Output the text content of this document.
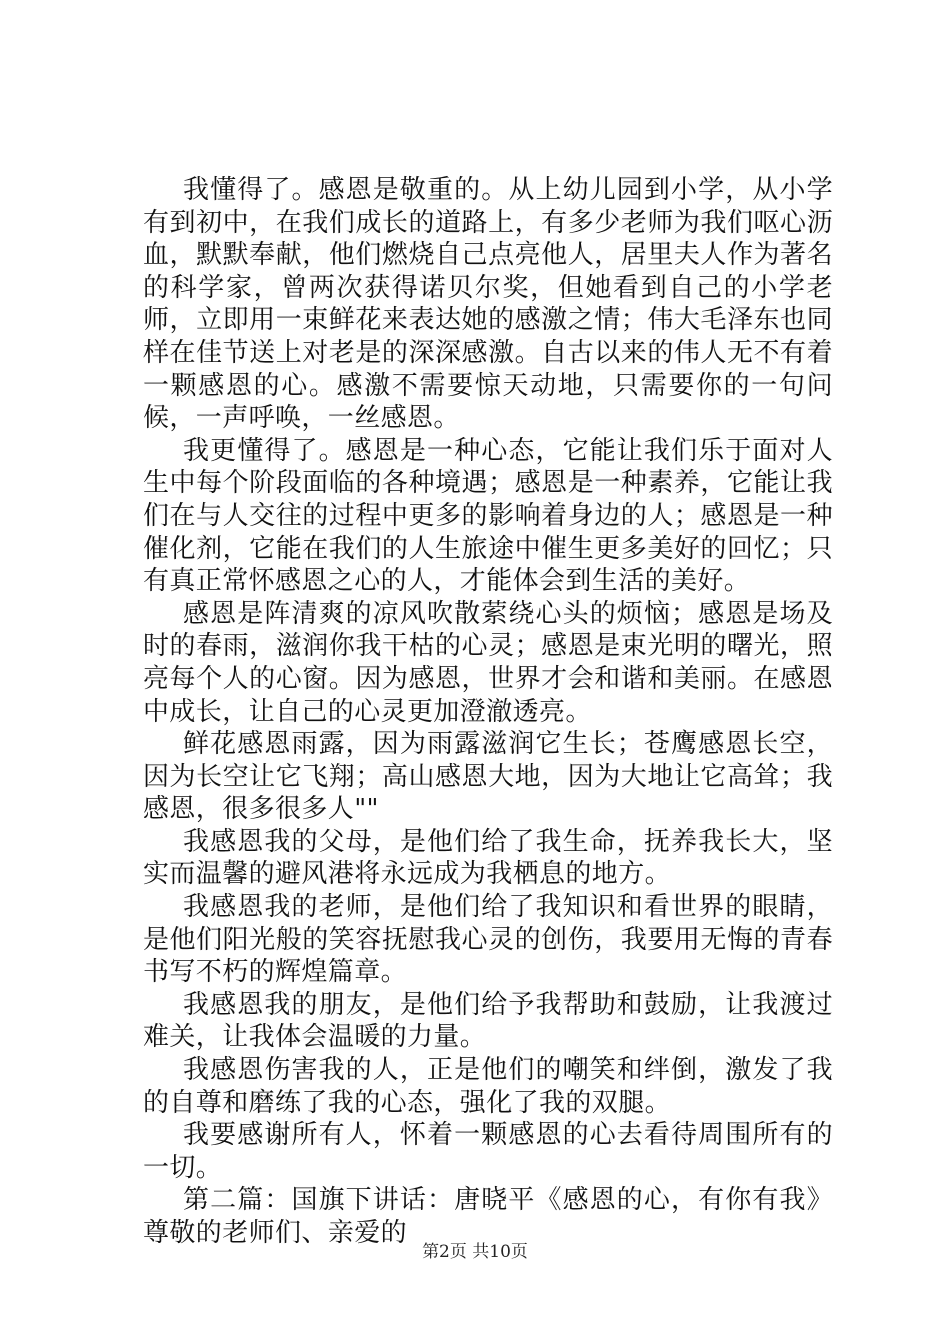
我懂得了。感恩是敬重的。从上幼儿园到小学，从小学有到初中，在我们成长的道路上，有多少老师为我们呕心沥血，默默奉献，他们燃烧自己点亮他人，居里夫人作为著名的科学家，曾两次获得诺贝尔奖，但她看到自己的小学老师，立即用一束鲜花来表达她的感激之情；伟大毛泽东也同样在佳节送上对老是的深深感激。自古以来的伟人无不有着一颗感恩的心。感激不需要惊天动地，只需要你的一句问候，一声呼唤，一丝感恩。

我更懂得了。感恩是一种心态，它能让我们乐于面对人生中每个阶段面临的各种境遇；感恩是一种素养，它能让我们在与人交往的过程中更多的影响着身边的人；感恩是一种催化剂，它能在我们的人生旅途中催生更多美好的回忆；只有真正常怀感恩之心的人，才能体会到生活的美好。

感恩是阵清爽的凉风吹散萦绕心头的烦恼；感恩是场及时的春雨，滋润你我干枯的心灵；感恩是束光明的曙光，照亮每个人的心窗。因为感恩，世界才会和谐和美丽。在感恩中成长，让自己的心灵更加澄澈透亮。

鲜花感恩雨露，因为雨露滋润它生长；苍鹰感恩长空，因为长空让它飞翔；高山感恩大地，因为大地让它高耸；我感恩，很多很多人""

我感恩我的父母，是他们给了我生命，抚养我长大，坚实而温馨的避风港将永远成为我栖息的地方。

我感恩我的老师，是他们给了我知识和看世界的眼睛，是他们阳光般的笑容抚慰我心灵的创伤，我要用无悔的青春书写不朽的辉煌篇章。

我感恩我的朋友，是他们给予我帮助和鼓励，让我渡过难关，让我体会温暖的力量。

我感恩伤害我的人，正是他们的嘲笑和绊倒，激发了我的自尊和磨练了我的心态，强化了我的双腿。

我要感谢所有人，怀着一颗感恩的心去看待周围所有的一切。

第二篇：国旗下讲话：唐晓平《感恩的心，有你有我》尊敬的老师们、亲爱的

第2页 共10页
